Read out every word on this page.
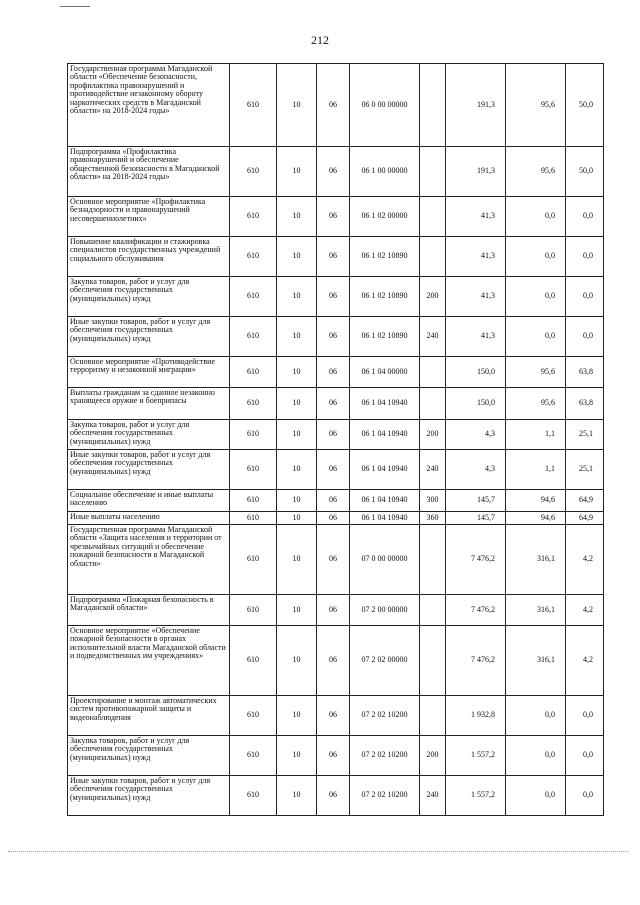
212
Государственная программа Магаданской области «Обеспечение безопасности, профилактика правонарушений и противодействие незаконному обороту наркотических средств в Магаданской области» на 2018-2024 годы»	610	10	06	06 0 00 00000		191,3	95,6	50,0
Подпрограмма «Профилактика правонарушений и обеспечение общественной безопасности в Магаданской области» на 2018-2024 годы»	610	10	06	06 1 00 00000		191,3	95,6	50,0
Основное мероприятие «Профилактика безнадзорности и правонарушений несовершеннолетних»	610	10	06	06 1 02 00000		41,3	0,0	0,0
Повышение квалификации и стажировка специалистов государственных учреждений социального обслуживания	610	10	06	06 1 02 10890		41,3	0,0	0,0
Закупка товаров, работ и услуг для обеспечения государственных (муниципальных) нужд	610	10	06	06 1 02 10890	200	41,3	0,0	0,0
Иные закупки товаров, работ и услуг для обеспечения государственных (муниципальных) нужд	610	10	06	06 1 02 10890	240	41,3	0,0	0,0
Основное мероприятие «Противодействие терроризму и незаконной миграции»	610	10	06	06 1 04 00000		150,0	95,6	63,8
Выплаты гражданам за сданное незаконно хранящееся оружие и боеприпасы	610	10	06	06 1 04 10940		150,0	95,6	63,8
Закупка товаров, работ и услуг для обеспечения государственных (муниципальных) нужд	610	10	06	06 1 04 10940	200	4,3	1,1	25,1
Иные закупки товаров, работ и услуг для обеспечения государственных (муниципальных) нужд	610	10	06	06 1 04 10940	240	4,3	1,1	25,1
Социальное обеспечение и иные выплаты населению	610	10	06	06 1 04 10940	300	145,7	94,6	64,9
Иные выплаты населению	610	10	06	06 1 04 10940	360	145,7	94,6	64,9
Государственная программа Магаданской области «Защита населения и территории от чрезвычайных ситуаций и обеспечение пожарной безопасности в Магаданской области»	610	10	06	07 0 00 00000		7 476,2	316,1	4,2
Подпрограмма «Пожарная безопасность в Магаданской области»	610	10	06	07 2 00 00000		7 476,2	316,1	4,2
Основное мероприятие «Обеспечение пожарной безопасности в органах исполнительной власти Магаданской области и подведомственных им учреждениях»	610	10	06	07 2 02 00000		7 476,2	316,1	4,2
Проектирование и монтаж автоматических систем противопожарной защиты и видеонаблюдения	610	10	06	07 2 02 10200		1 932,8	0,0	0,0
Закупка товаров, работ и услуг для обеспечения государственных (муниципальных) нужд	610	10	06	07 2 02 10200	200	1 557,2	0,0	0,0
Иные закупки товаров, работ и услуг для обеспечения государственных (муниципальных) нужд	610	10	06	07 2 02 10200	240	1 557,2	0,0	0,0
